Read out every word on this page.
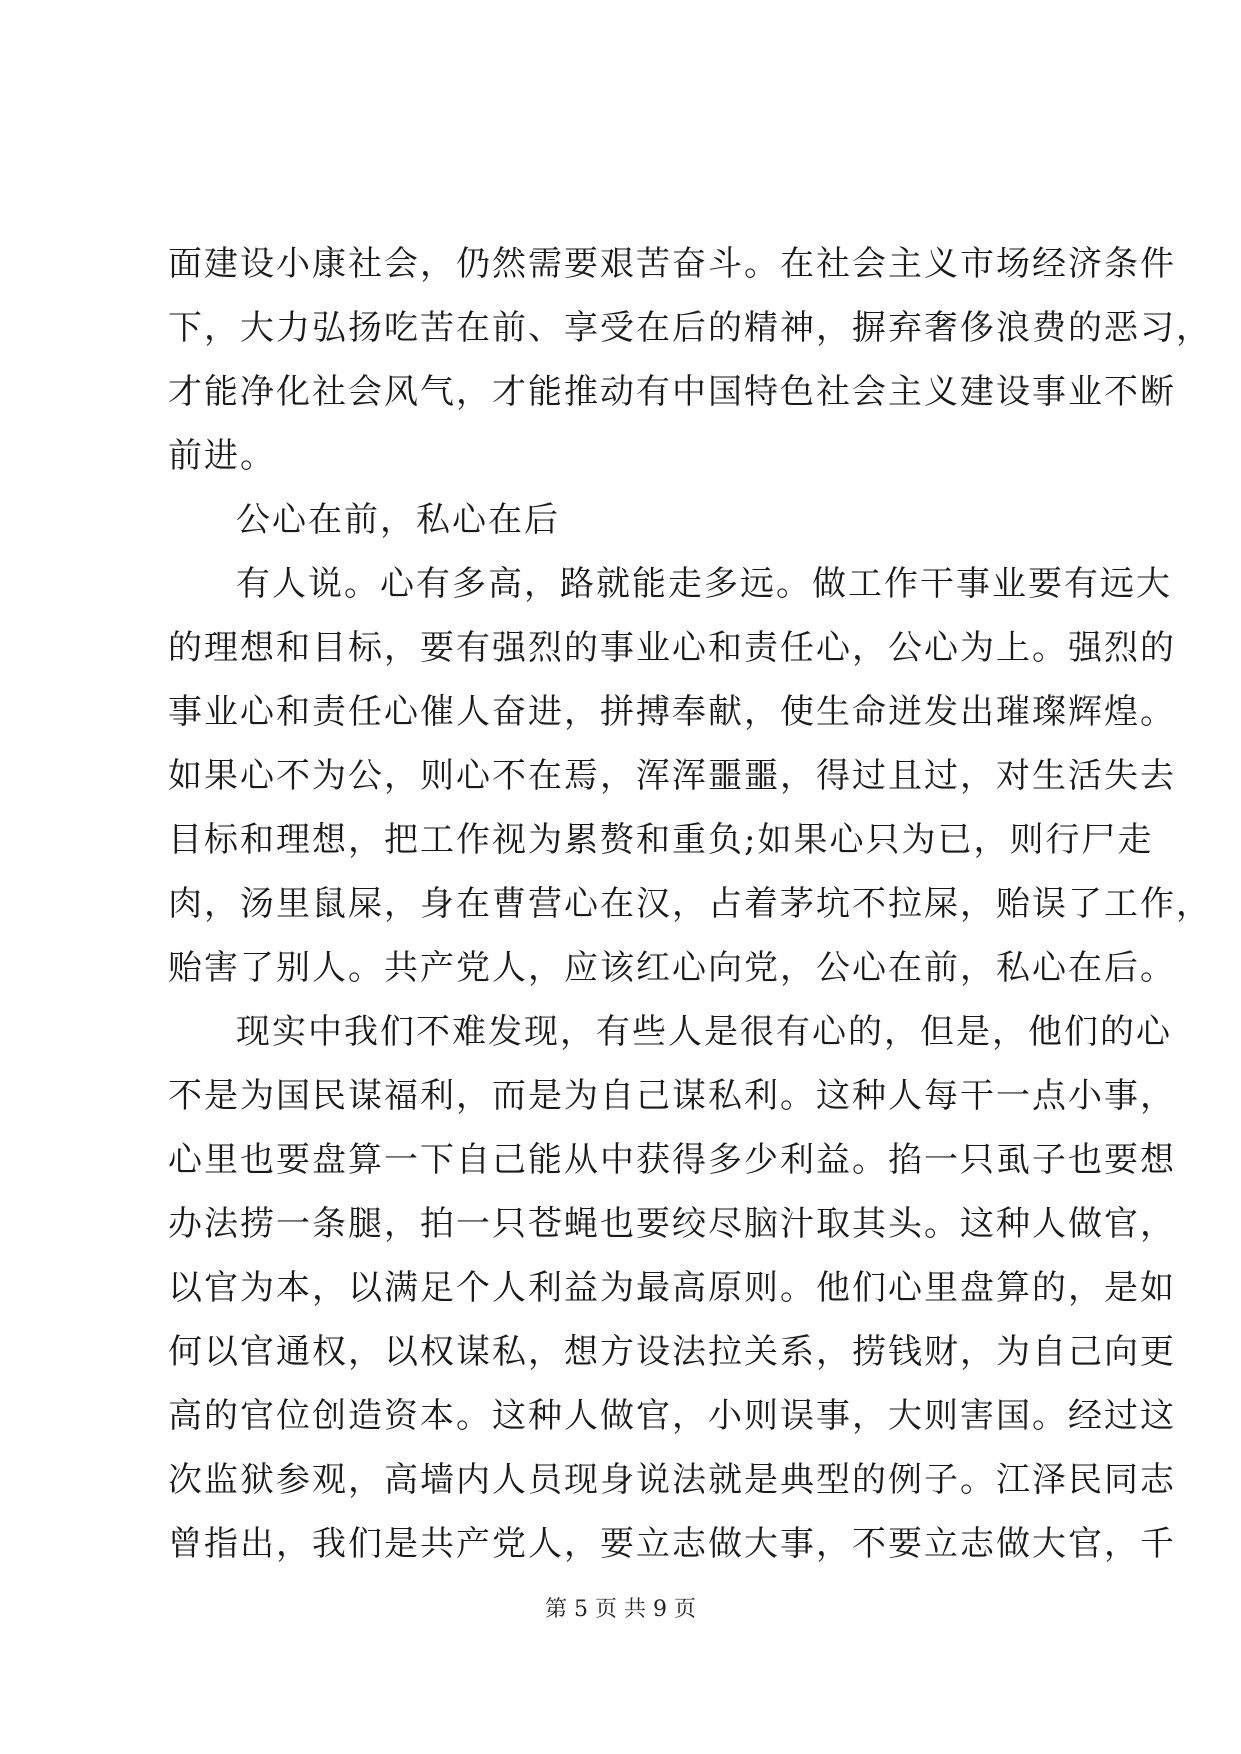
面建设小康社会，仍然需要艰苦奋斗。在社会主义市场经济条件
下，大力弘扬吃苦在前、享受在后的精神，摒弃奢侈浪费的恶习，
才能净化社会风气，才能推动有中国特色社会主义建设事业不断
前进。
公心在前，私心在后
有人说。心有多高，路就能走多远。做工作干事业要有远大
的理想和目标，要有强烈的事业心和责任心，公心为上。强烈的
事业心和责任心催人奋进，拼搏奉献，使生命迸发出璀璨辉煌。
如果心不为公，则心不在焉，浑浑噩噩，得过且过，对生活失去
目标和理想，把工作视为累赘和重负;如果心只为已，则行尸走
肉，汤里鼠屎，身在曹营心在汉，占着茅坑不拉屎，贻误了工作，
贻害了别人。共产党人，应该红心向党，公心在前，私心在后。
现实中我们不难发现，有些人是很有心的，但是，他们的心
不是为国民谋福利，而是为自己谋私利。这种人每干一点小事，
心里也要盘算一下自己能从中获得多少利益。掐一只虱子也要想
办法捞一条腿，拍一只苍蝇也要绞尽脑汁取其头。这种人做官，
以官为本，以满足个人利益为最高原则。他们心里盘算的，是如
何以官通权，以权谋私，想方设法拉关系，捞钱财，为自己向更
高的官位创造资本。这种人做官，小则误事，大则害国。经过这
次监狱参观，高墙内人员现身说法就是典型的例子。江泽民同志
曾指出，我们是共产党人，要立志做大事，不要立志做大官，千
第 5 页 共 9 页
